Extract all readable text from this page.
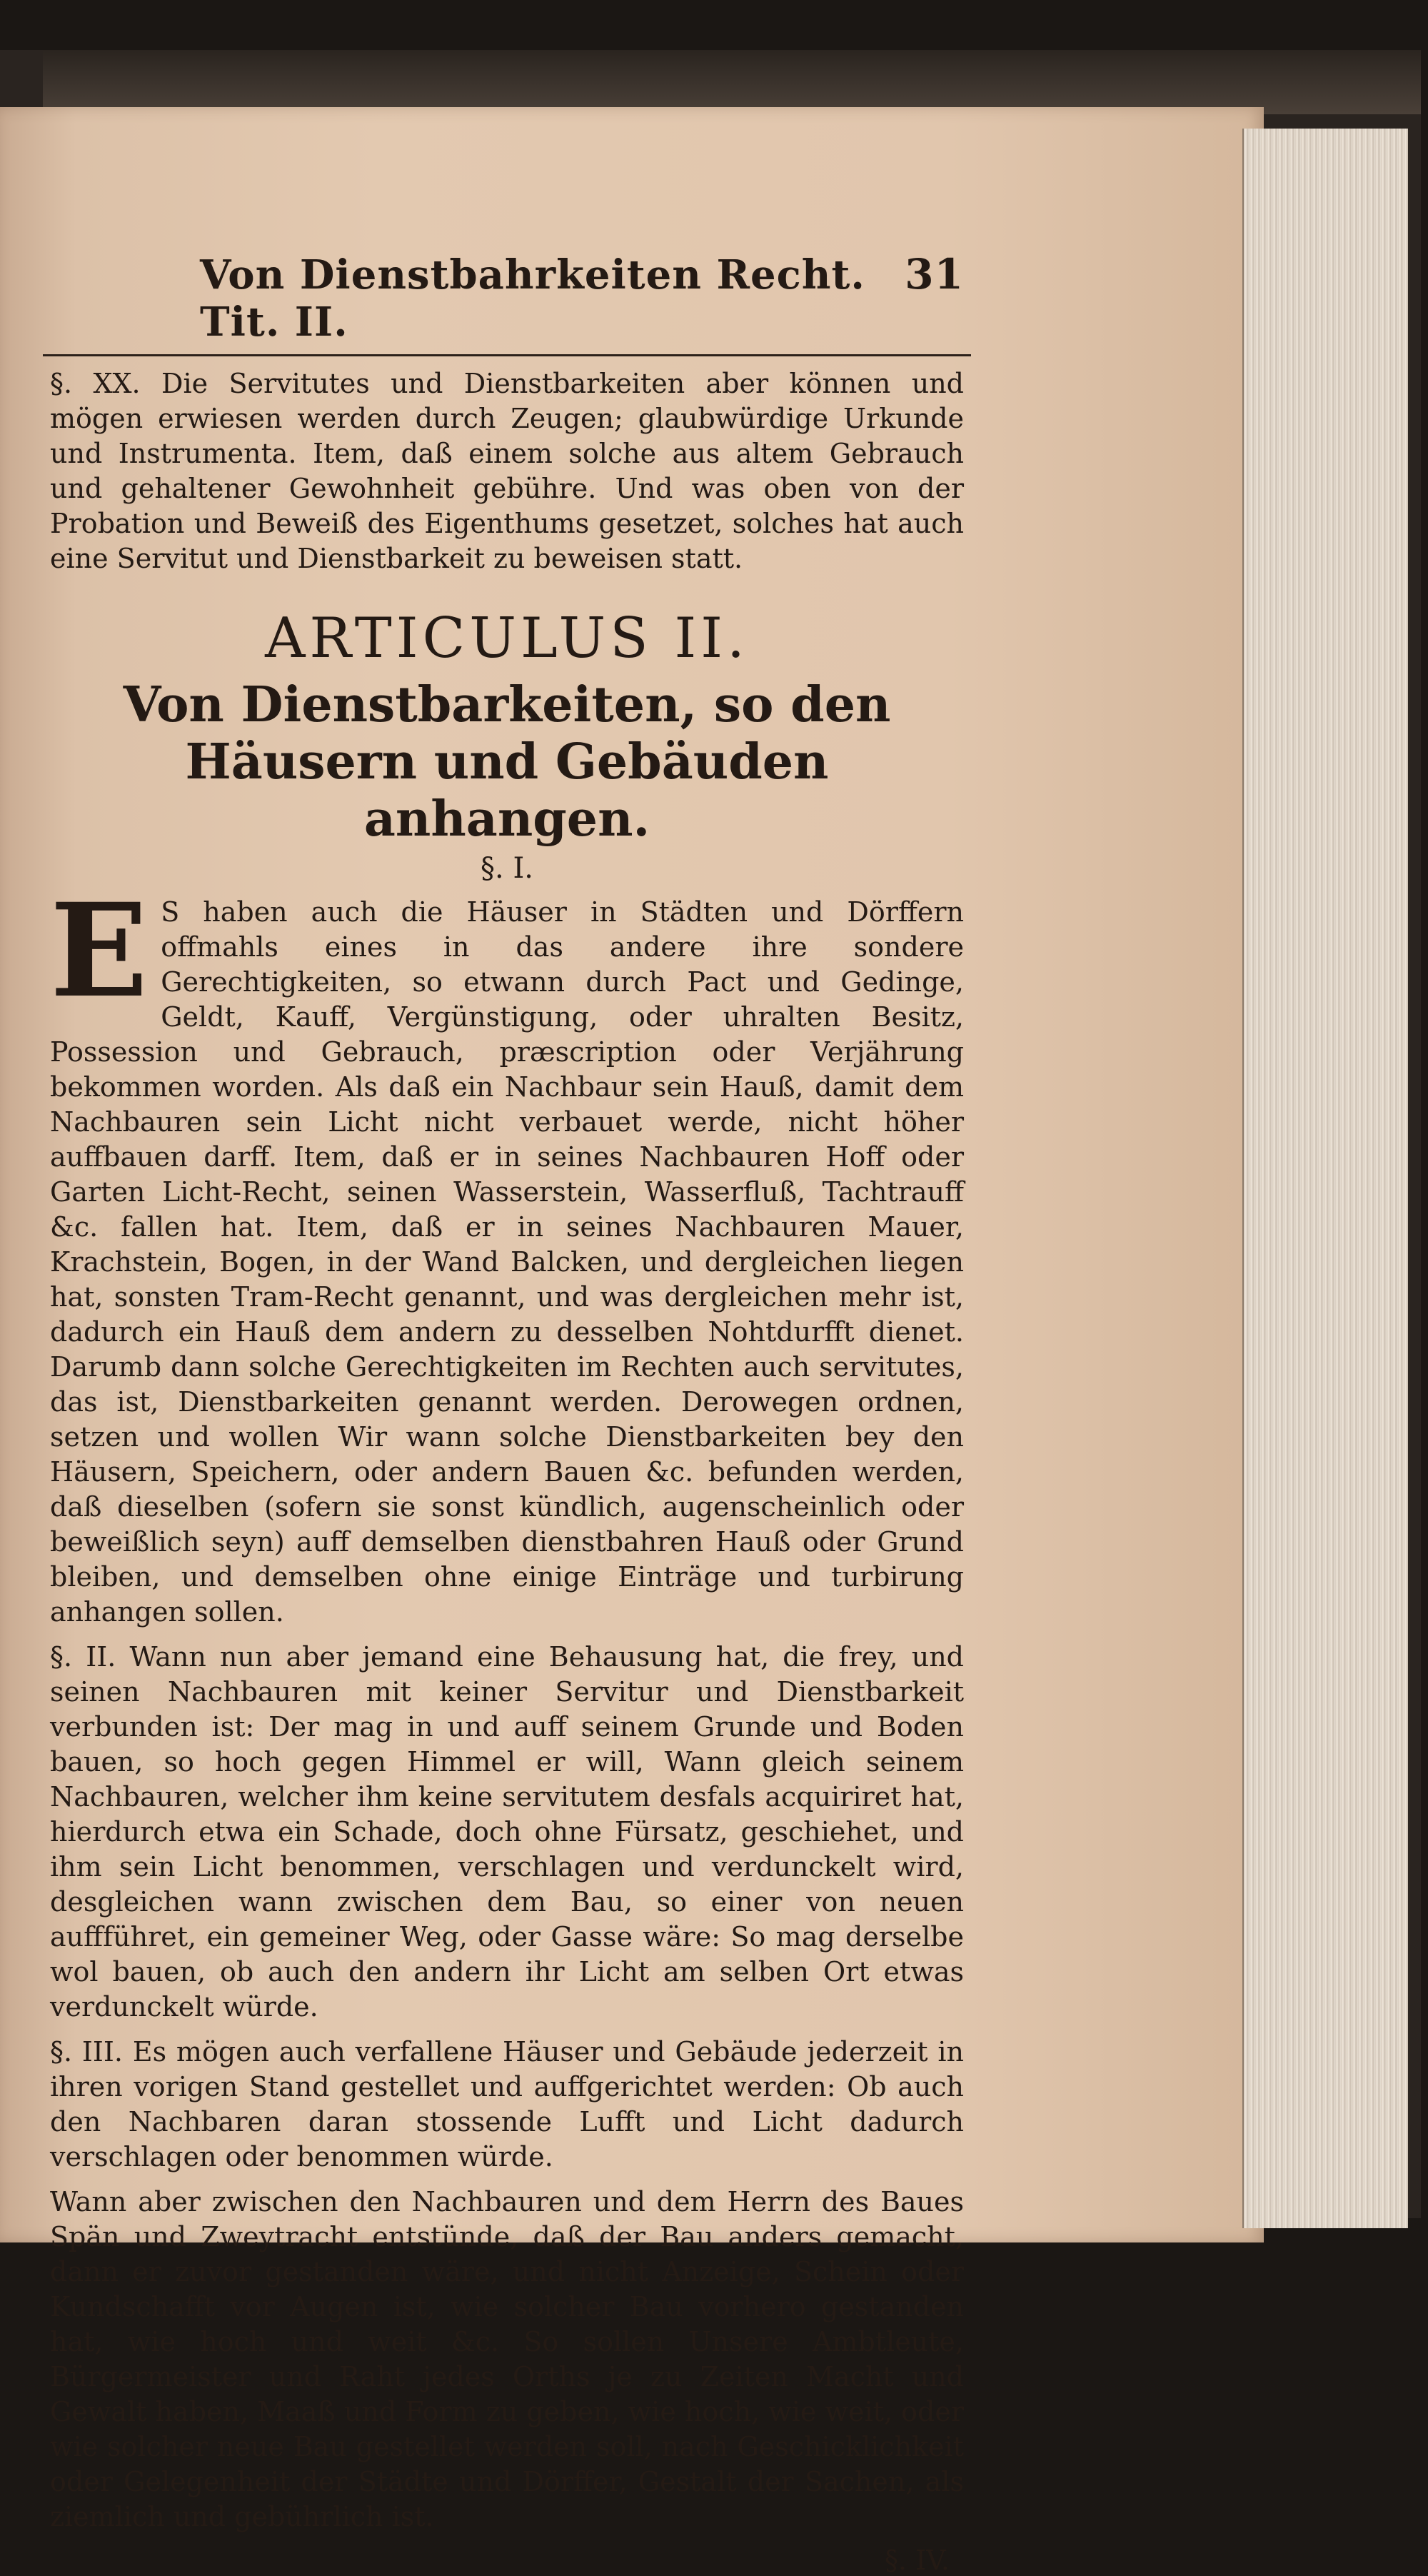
Von Dienstbahrkeiten Recht. Tit. II.
31

§. XX. Die Servitutes und Dienstbarkeiten aber können und mögen erwiesen werden durch Zeugen; glaubwürdige Urkunde und Instrumenta. Item, daß einem solche aus altem Gebrauch und gehaltener Gewohnheit gebühre. Und was oben von der Probation und Beweiß des Eigenthums gesetzet, solches hat auch eine Servitut und Dienstbarkeit zu beweisen statt.

ARTICULUS II.
Von Dienstbarkeiten, so den Häusern und Gebäuden anhangen.
§. I.

E S haben auch die Häuser in Städten und Dörffern offmahls eines in das andere ihre sondere Gerechtigkeiten, so etwann durch Pact und Gedinge, Geldt, Kauff, Vergünstigung, oder uhralten Besitz, Possession und Gebrauch, præscription oder Verjährung bekommen worden. Als daß ein Nachbaur sein Hauß, damit dem Nachbauren sein Licht nicht verbauet werde, nicht höher auffbauen darff. Item, daß er in seines Nachbauren Hoff oder Garten Licht-Recht, seinen Wasserstein, Wasserfluß, Tachtrauff &c. fallen hat. Item, daß er in seines Nachbauren Mauer, Krachstein, Bogen, in der Wand Balcken, und dergleichen liegen hat, sonsten Tram-Recht genannt, und was dergleichen mehr ist, dadurch ein Hauß dem andern zu desselben Nohtdurfft dienet. Darumb dann solche Gerechtigkeiten im Rechten auch servitutes, das ist, Dienstbarkeiten genannt werden. Derowegen ordnen, setzen und wollen Wir wann solche Dienstbarkeiten bey den Häusern, Speichern, oder andern Bauen &c. befunden werden, daß dieselben (sofern sie sonst kündlich, augenscheinlich oder beweißlich seyn) auff demselben dienstbahren Hauß oder Grund bleiben, und demselben ohne einige Einträge und turbirung anhangen sollen.

§. II. Wann nun aber jemand eine Behausung hat, die frey, und seinen Nachbauren mit keiner Servitur und Dienstbarkeit verbunden ist: Der mag in und auff seinem Grunde und Boden bauen, so hoch gegen Himmel er will, Wann gleich seinem Nachbauren, welcher ihm keine servitutem desfals acquiriret hat, hierdurch etwa ein Schade, doch ohne Fürsatz, geschiehet, und ihm sein Licht benommen, verschlagen und verdunckelt wird, desgleichen wann zwischen dem Bau, so einer von neuen auffführet, ein gemeiner Weg, oder Gasse wäre: So mag derselbe wol bauen, ob auch den andern ihr Licht am selben Ort etwas verdunckelt würde.

§. III. Es mögen auch verfallene Häuser und Gebäude jederzeit in ihren vorigen Stand gestellet und auffgerichtet werden: Ob auch den Nachbaren daran stossende Lufft und Licht dadurch verschlagen oder benommen würde.

Wann aber zwischen den Nachbauren und dem Herrn des Baues Spän und Zweytracht entstünde, daß der Bau anders gemacht, dann er zuvor gestanden wäre, und nicht Anzeige, Schein oder Kundschafft vor Augen ist, wie solcher Bau vorhero gestanden hat, wie hoch und weit &c. So sollen Unsere Ambtleute, Bürgermeister und Raht jedes Orths je zu Zeiten Macht und Gewalt haben, Maaß und Form zu geben, wie hoch, wie weit, oder wie solcher neue Bau gestellet werden soll, nach Geschicklichkeit oder Gelegenheit der Städte und Dörffer, Gestalt der Sachen, als ziemlich und gebührlich ist.

§. IV.
